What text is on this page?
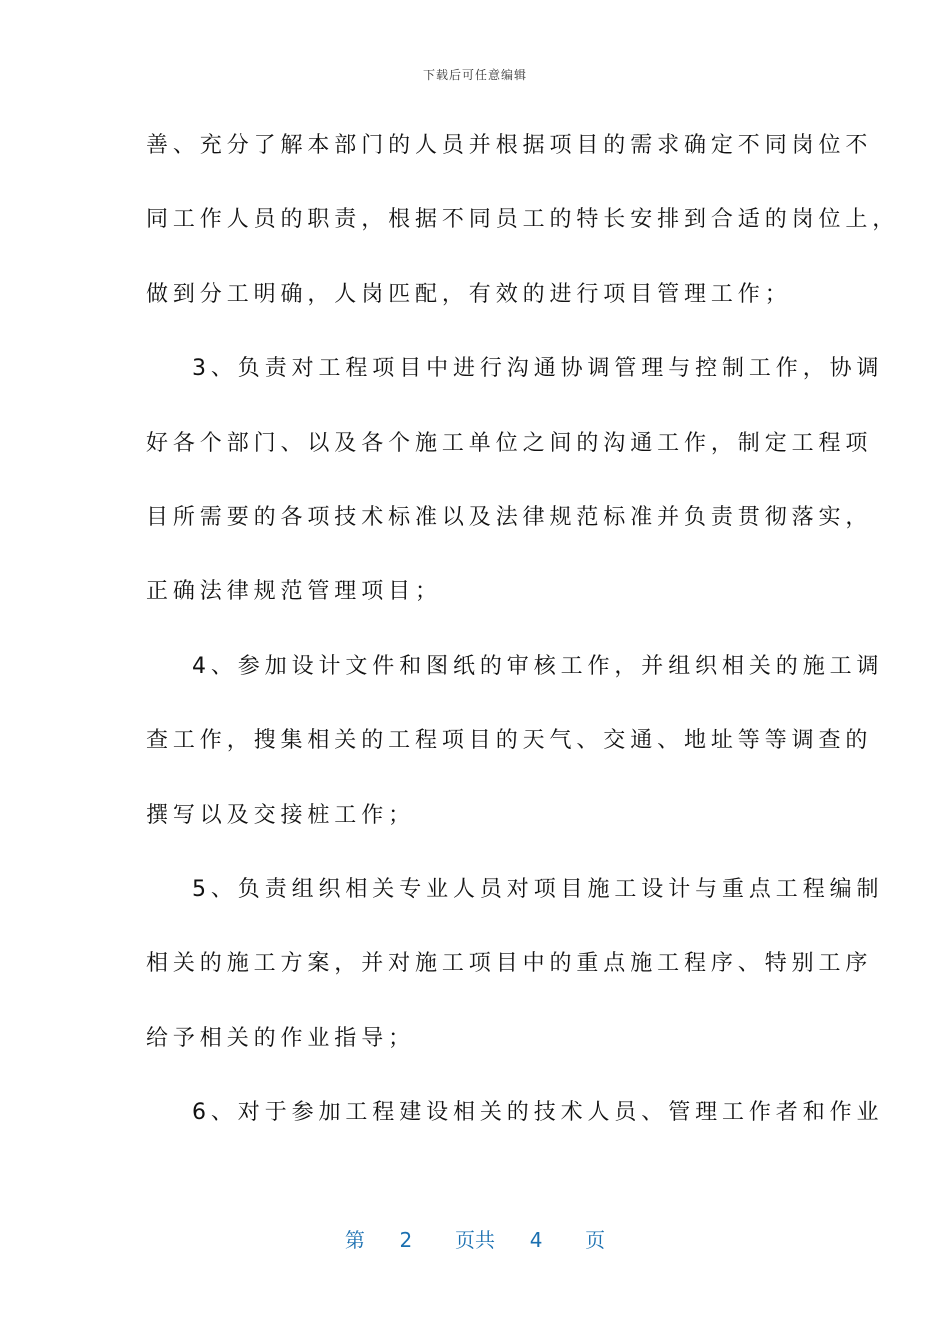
下载后可任意编辑
善、充分了解本部门的人员并根据项目的需求确定不同岗位不
同工作人员的职责，根据不同员工的特长安排到合适的岗位上，
做到分工明确，人岗匹配，有效的进行项目管理工作；
3、负责对工程项目中进行沟通协调管理与控制工作，协调
好各个部门、以及各个施工单位之间的沟通工作，制定工程项
目所需要的各项技术标准以及法律规范标准并负责贯彻落实，
正确法律规范管理项目；
4、参加设计文件和图纸的审核工作，并组织相关的施工调
查工作，搜集相关的工程项目的天气、交通、地址等等调查的
撰写以及交接桩工作；
5、负责组织相关专业人员对项目施工设计与重点工程编制
相关的施工方案，并对施工项目中的重点施工程序、特别工序
给予相关的作业指导；
6、对于参加工程建设相关的技术人员、管理工作者和作业
第 2 页共 4 页
